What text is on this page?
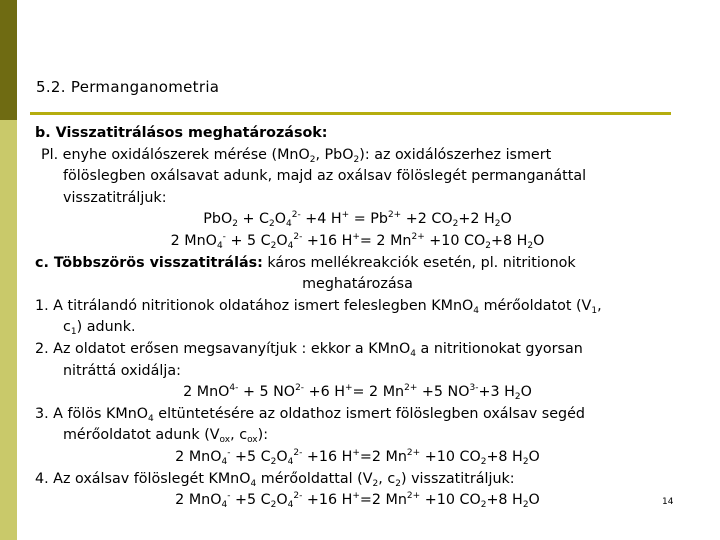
5.2. Permanganometria
b. Visszatitrálásos meghatározások:
Pl. enyhe oxidálószerek mérése (MnO$_2$, PbO$_2$): az oxidálószerhez ismert
fölöslegben oxálsavat adunk, majd az oxálsav fölöslegét permanganáttal
visszatitráljuk:
$PbO_2 + C_2O_4^{2-} +4$ $H^+ = Pb^{2+} +2$ $CO_2+2$ $H_2O$
2 MnO$_4$- + 5 $C_2O_4^{2-} +16$ H+= 2 $Mn^{2+} +10$ $CO_2+8$ $H_2O$
c. Többszörös visszatitrálás: káros mellékreakciók esetén, pl. nitritionok
meghatározása
1. A titrálandó nitritionok oldatához ismert feleslegben KMnO$_4$ mérőoldatot ($V_1$,
$c_1$) adunk.
2. Az oldatot erősen megsavanyítjuk : ekkor a KMnO$_4$ a nitritionokat gyorsan
nitráttá oxidálja:
2 MnO$^{4-}$ + 5 $NO^{2-} +6$ H+= 2 $Mn^{2+} +5$ $NO^{3-}+3$ $H_2O$
3. A fölös KMnO$_4$ eltüntetésére az oldathoz ismert fölöslegben oxálsav segéd
mérőoldatot adunk ($V_{ox}$, $c_{ox}$):
2 MnO$_4$- +5 $C_2O_4^{2-} +16$ H+=2 $Mn^{2+} +10$ $CO_2+8$ $H_2O$
4. Az oxálsav fölöslegét KMnO$_4$ mérőoldattal ($V_2$, $c_2$) visszatitráljuk:
2 MnO$_4$- +5 $C_2O_4^{2-} +16$ H+=2 $Mn^{2+} +10$ $CO_2+8$ $H_2O$	14
